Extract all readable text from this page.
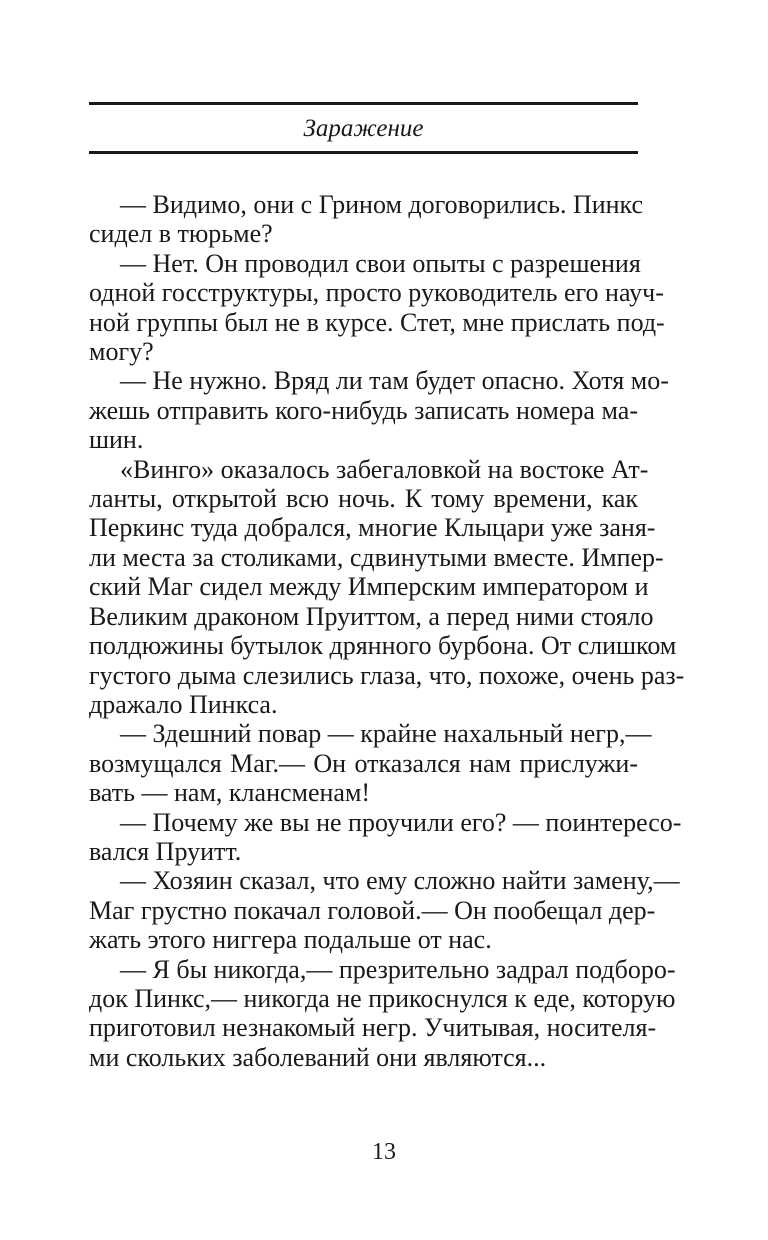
Заражение

— Видимо, они с Грином договорились. Пинкс
сидел в тюрьме?

— Нет. Он проводил свои опыты с разрешения
одной госструктуры, просто руководитель его науч-
ной группы был не в курсе. Стет, мне прислать под-
могу?

— Не нужно. Вряд ли там будет опасно. Хотя мо-
жешь отправить кого-нибудь записать номера ма-
шин.

«Винго» оказалось забегаловкой на востоке Ат-
ланты, открытой всю ночь. К тому времени, как
Перкинс туда добрался, многие Клыцари уже заня-
ли места за столиками, сдвинутыми вместе. Импер-
ский Маг сидел между Имперским императором и
Великим драконом Пруиттом, а перед ними стояло
полдюжины бутылок дрянного бурбона. От слишком
густого дыма слезились глаза, что, похоже, очень раз-
дражало Пинкса.

— Здешний повар — крайне нахальный негр,—
возмущался Маг.— Он отказался нам прислужи-
вать — нам, клансменам!

— Почему же вы не проучили его? — поинтересо-
вался Пруитт.

— Хозяин сказал, что ему сложно найти замену,—
Маг грустно покачал головой.— Он пообещал дер-
жать этого ниггера подальше от нас.

— Я бы никогда,— презрительно задрал подборо-
док Пинкс,— никогда не прикоснулся к еде, которую
приготовил незнакомый негр. Учитывая, носителя-
ми скольких заболеваний они являются...

13
